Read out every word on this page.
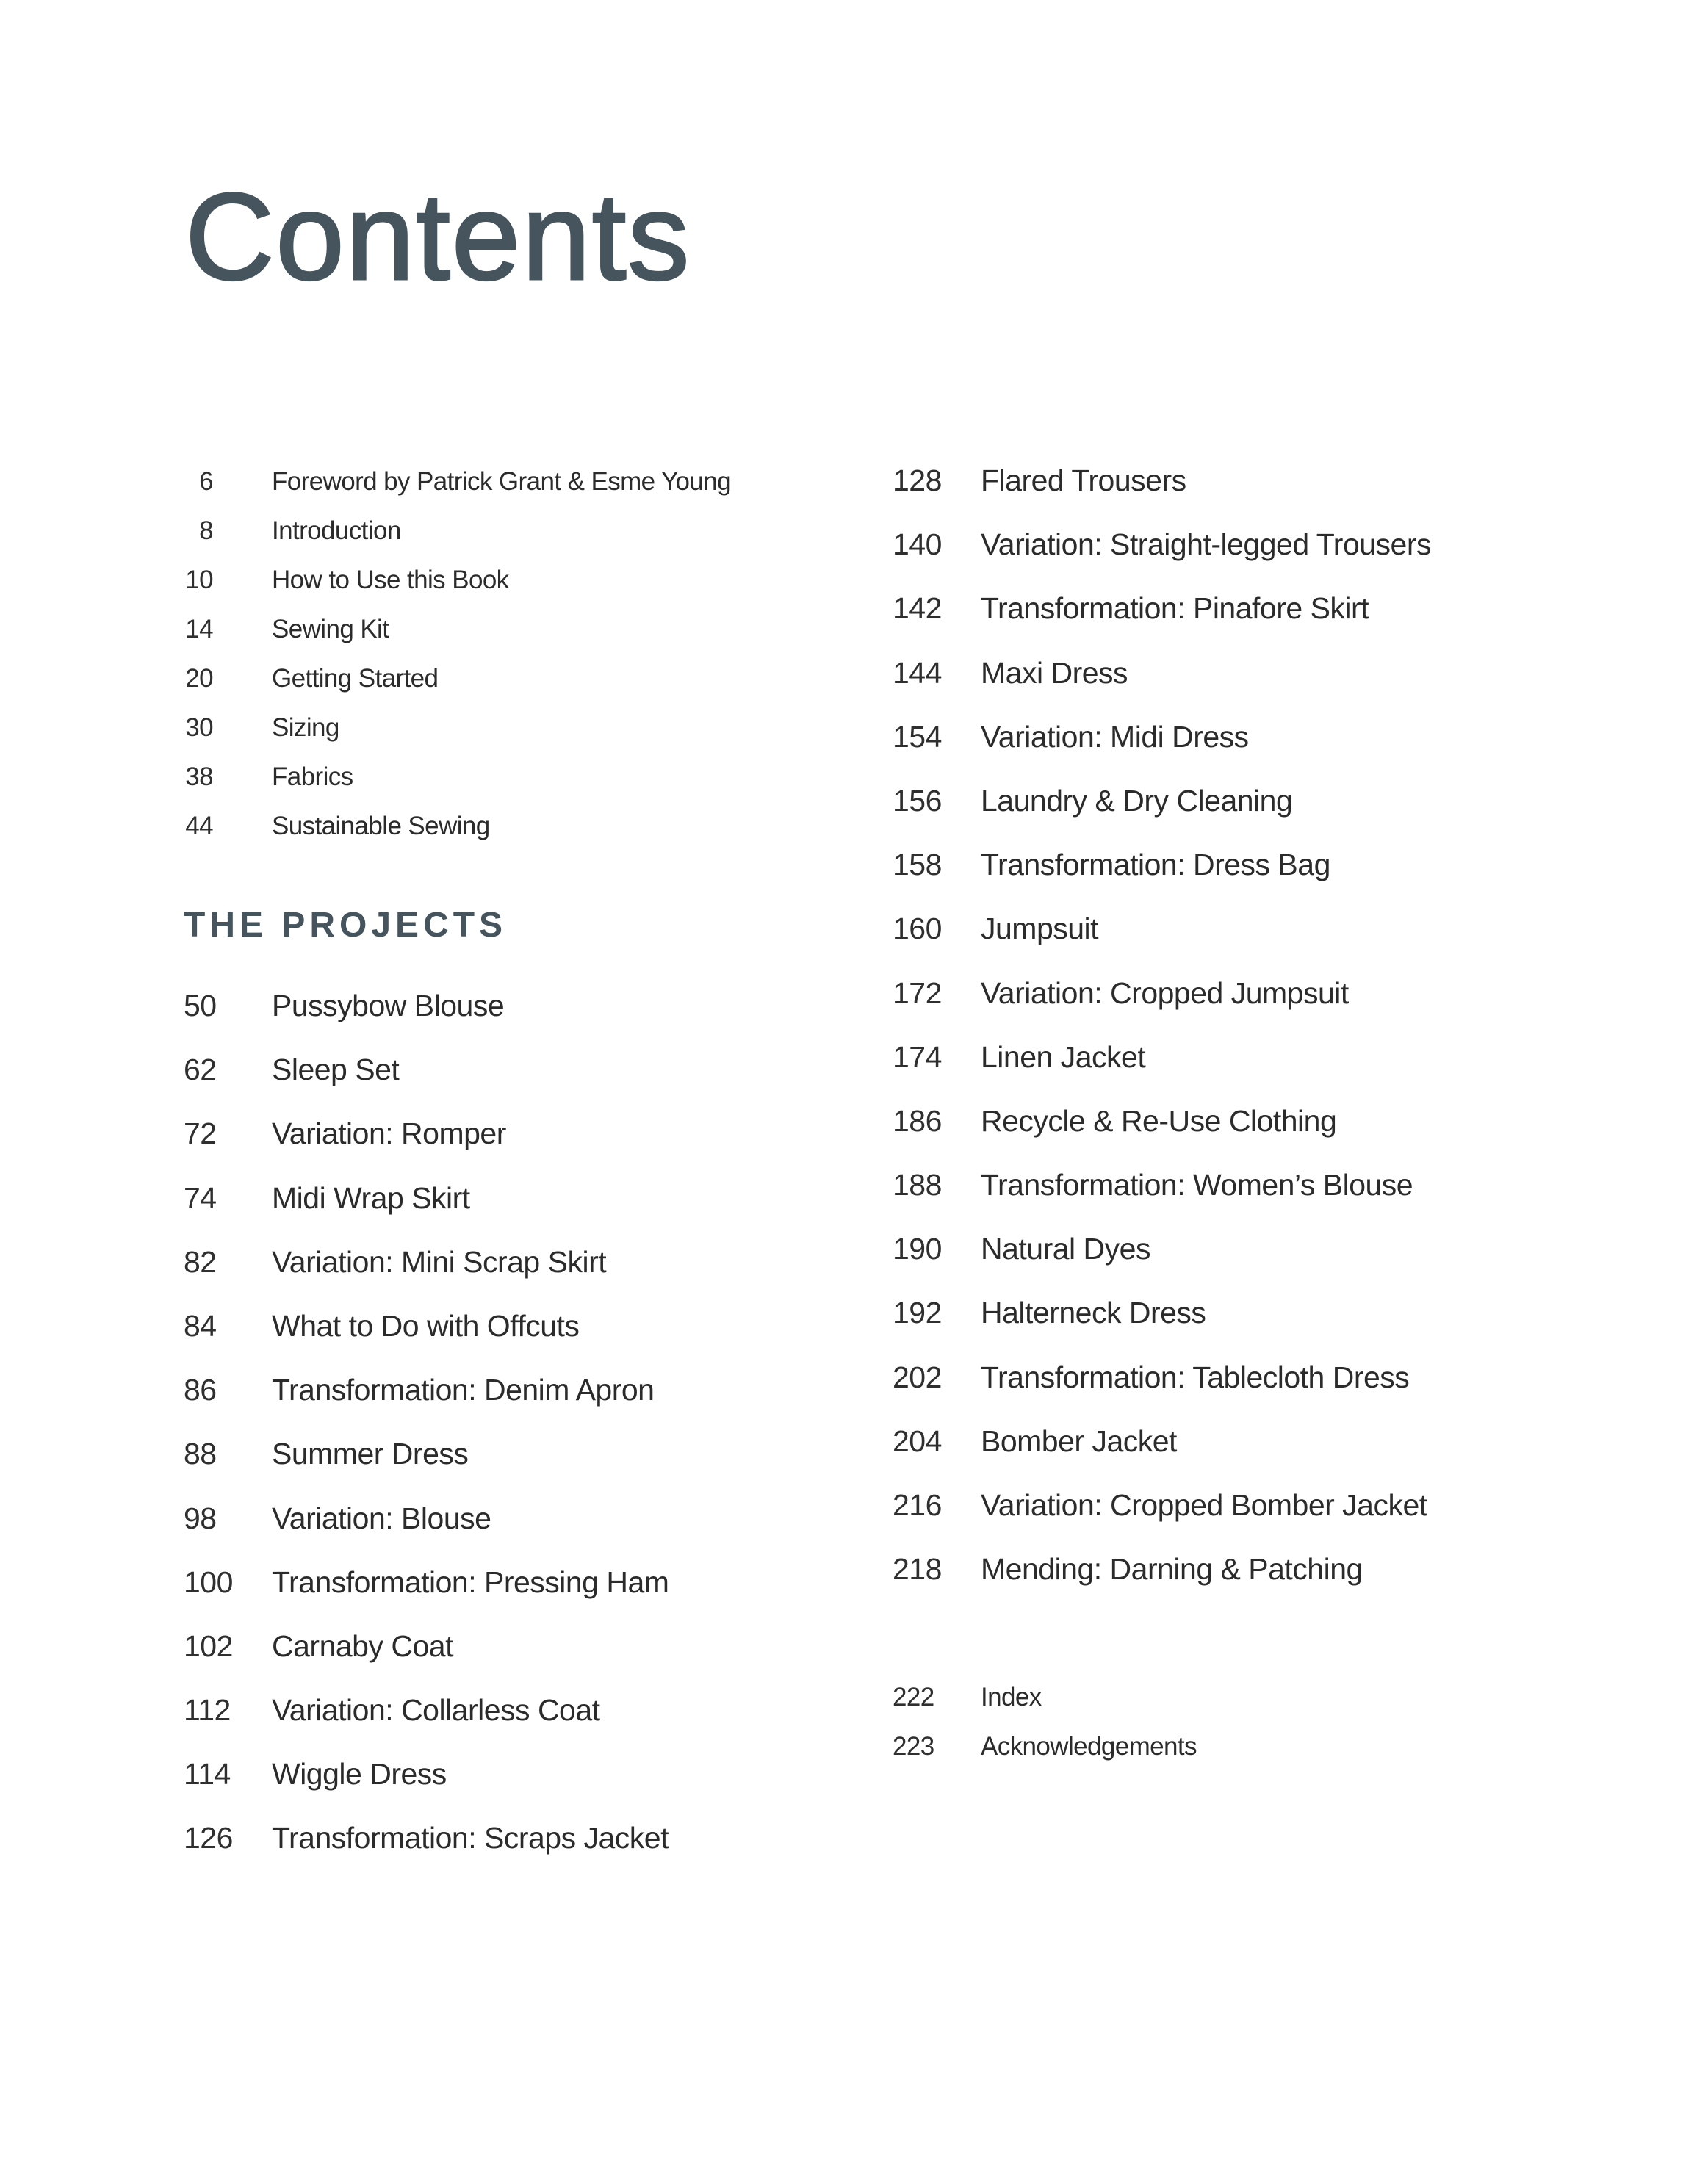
Contents
6 Foreword by Patrick Grant & Esme Young
8 Introduction
10 How to Use this Book
14 Sewing Kit
20 Getting Started
30 Sizing
38 Fabrics
44 Sustainable Sewing
THE PROJECTS
50	Pussybow Blouse
62	Sleep Set
72	Variation: Romper
74	Midi Wrap Skirt
82	Variation: Mini Scrap Skirt
84	What to Do with Offcuts
86	Transformation: Denim Apron
88	Summer Dress
98	Variation: Blouse
100	Transformation: Pressing Ham
102	Carnaby Coat
112	Variation: Collarless Coat
114	Wiggle Dress
126	Transformation: Scraps Jacket
128	Flared Trousers
140	Variation: Straight-legged Trousers
142	Transformation: Pinafore Skirt
144	Maxi Dress
154	Variation: Midi Dress
156	Laundry & Dry Cleaning
158	Transformation: Dress Bag
160	Jumpsuit
172	Variation: Cropped Jumpsuit
174	Linen Jacket
186	Recycle & Re-Use Clothing
188	Transformation: Women’s Blouse
190	Natural Dyes
192	Halterneck Dress
202	Transformation: Tablecloth Dress
204	Bomber Jacket
216	Variation: Cropped Bomber Jacket
218	Mending: Darning & Patching
222	Index
223	Acknowledgements
